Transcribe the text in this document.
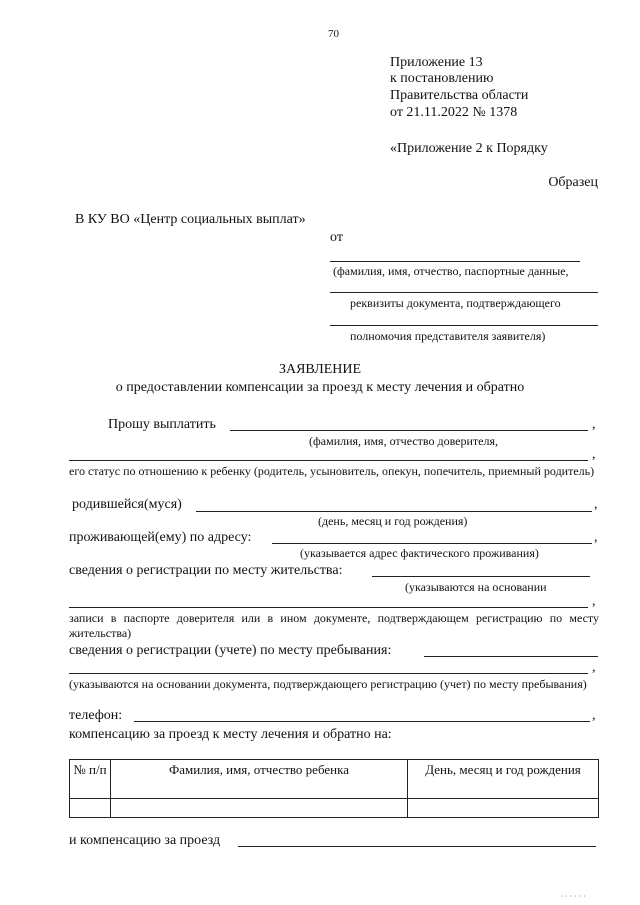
70
Приложение 13
к постановлению
Правительства области
от 21.11.2022 № 1378
«Приложение 2 к Порядку
Образец
В КУ ВО «Центр социальных выплат»
от
(фамилия, имя, отчество, паспортные данные,
реквизиты документа, подтверждающего
полномочия представителя заявителя)
ЗАЯВЛЕНИЕ
о предоставлении компенсации за проезд к месту лечения и обратно
Прошу выплатить	,
(фамилия, имя, отчество доверителя,
,
его статус по отношению к ребенку (родитель, усыновитель, опекун, попечитель, приемный родитель)
родившейся(муся)	,
(день, месяц и год рождения)
проживающей(ему) по адресу:	,
(указывается адрес фактического проживания)
сведения о регистрации по месту жительства:
(указываются на основании
,
записи в паспорте доверителя или в ином документе, подтверждающем регистрацию по месту жительства)
сведения о регистрации (учете) по месту пребывания:
,
(указываются на основании документа, подтверждающего регистрацию (учет) по месту пребывания)
телефон:	,
компенсацию за проезд к месту лечения и обратно на:
№ п/п	Фамилия, имя, отчество ребенка	День, месяц и год рождения

и компенсацию за проезд
· · · · · ·
